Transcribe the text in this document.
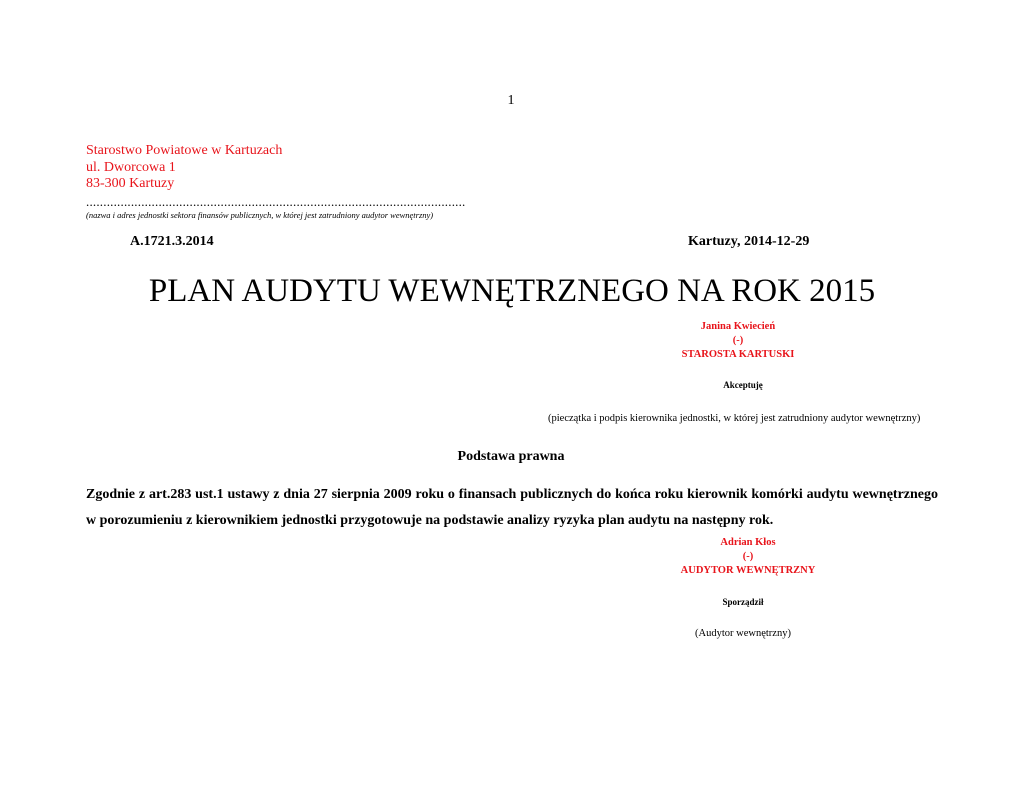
1
Starostwo Powiatowe w Kartuzach
ul. Dworcowa 1
83-300 Kartuzy
..............................................................................................................
(nazwa i adres jednostki sektora finansów publicznych, w której jest zatrudniony audytor wewnętrzny)
A.1721.3.2014	Kartuzy, 2014-12-29
PLAN AUDYTU WEWNĘTRZNEGO NA ROK 2015
Janina Kwiecień
(-)
STAROSTA KARTUSKI
Akceptuję
(pieczątka i podpis kierownika jednostki, w której jest zatrudniony audytor wewnętrzny)
Podstawa prawna
Zgodnie z art.283 ust.1 ustawy z dnia 27 sierpnia 2009 roku o finansach publicznych do końca roku kierownik komórki audytu wewnętrznego w porozumieniu z kierownikiem jednostki przygotowuje na podstawie analizy ryzyka plan audytu na następny rok.
Adrian Kłos
(-)
AUDYTOR WEWNĘTRZNY
Sporządził
(Audytor wewnętrzny)
